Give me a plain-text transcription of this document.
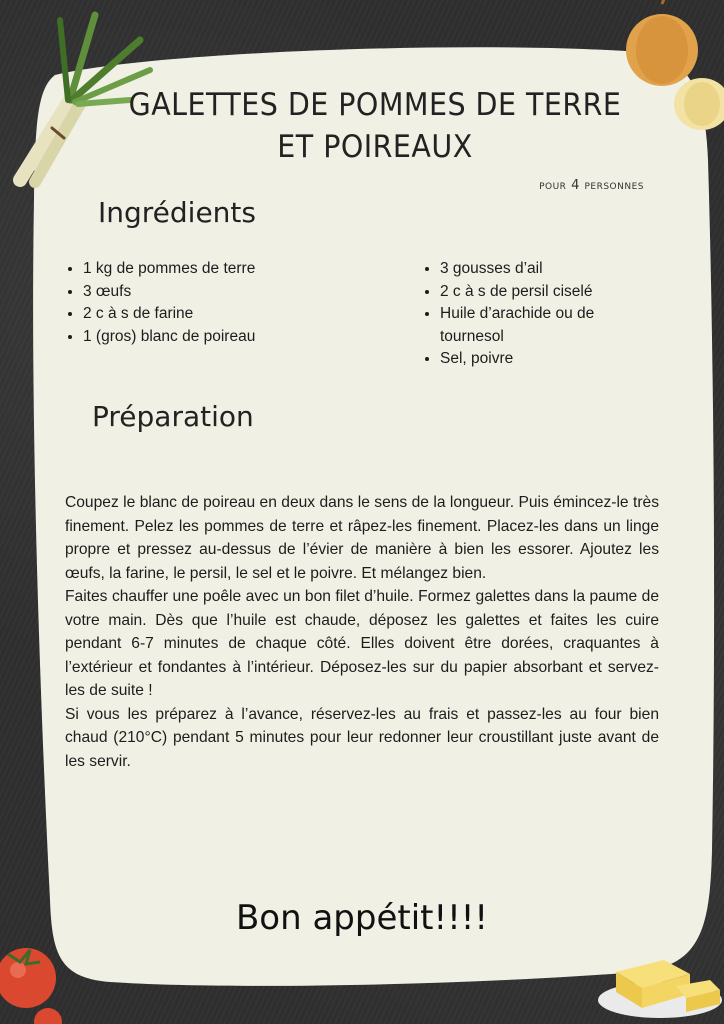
GALETTES DE POMMES DE TERRE
ET POIREAUX
pour 4 personnes
Ingrédients
• 1 kg de pommes de terre
• 3 œufs
• 2 c à s de farine
• 1 (gros) blanc de poireau
• 3 gousses d’ail
• 2 c à s de persil ciselé
• Huile d’arachide ou de tournesol
• Sel, poivre
Préparation

Coupez le blanc de poireau en deux dans le sens de la longueur. Puis émincez-le très finement. Pelez les pommes de terre et râpez-les finement. Placez-les dans un linge propre et pressez au-dessus de l’évier de manière à bien les essorer. Ajoutez les œufs, la farine, le persil, le sel et le poivre. Et mélangez bien.

Faites chauffer une poêle avec un bon filet d’huile. Formez galettes dans la paume de votre main. Dès que l’huile est chaude, déposez les galettes et faites les cuire pendant 6-7 minutes de chaque côté. Elles doivent être dorées, craquantes à l’extérieur et fondantes à l’intérieur. Déposez-les sur du papier absorbant et servez-les de suite !

Si vous les préparez à l’avance, réservez-les au frais et passez-les au four bien chaud (210°C) pendant 5 minutes pour leur redonner leur croustillant juste avant de les servir.

Bon appétit!!!!
